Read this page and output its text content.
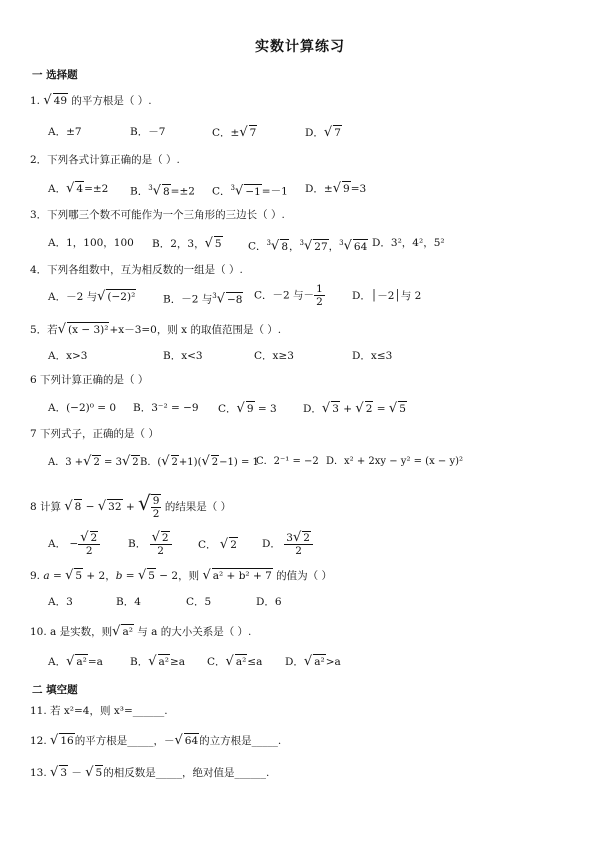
实数计算练习
一 选择题
1. √ 49 的平方根是（ ）.
A．±7	B．－7	C．±√ 7	D．√ 7
2．下列各式计算正确的是（ ）.
A．√ 4=±2 B．$^3$√ 8=±2 C．$^3$√ −1=－1 D．±√ 9=3
3．下列哪三个数不可能作为一个三角形的三边长（ ）.
A．1，100，100 B．2，3，√ 5	C．$^3$√ 8，$^3$√ 27，$^3$√ 64 D．3²，4²，5²
4．下列各组数中，互为相反数的一组是（ ）.
A．－2 与√ (−2)²	B．－2 与$^3$√ −8 C．－2 与－ $\frac{1}{2}$	D．│－2│与 2
5．若√ (x − 3)²+x－3=0，则 x 的取值范围是（ ）.
A．x>3	B．x<3	C．x≥3	D．x≤3
6 下列计算正确的是（ ）
A．(−2)⁰ = 0 B．3⁻² = −9 C．√ 9 = 3	D．√ 3 + √ 2 = √ 5
7 下列式子，正确的是（ ）
A．3 +√ 2 = 3√ 2 B．(√ 2+1)(√ 2−1) = 1
C．2⁻¹ = −2 D．x² + 2xy − y² = (x − y)²
8 计算 √ 8 − √ 32 + √ $\frac{9}{2}$ 的结果是（ ）
A． − $\frac{√ 2}{2}$	B． $\frac{√ 2}{2}$	C． √ 2 D． $\frac{3√ 2}{2}$
9. a = √ 5 + 2，b = √ 5 − 2，则 √ a² + b² + 7 的值为（ ）
A．3	B．4	C．5	D．6
10. a 是实数，则√ a² 与 a 的大小关系是（ ）.
A．√ a²=a	B．√ a²≥a C．√ a²≤a D．√ a²>a
二 填空题
11. 若 x²=4，则 x³=______.
12. √ 16的平方根是_____，－√ 64的立方根是_____.
13. √ 3 － √ 5的相反数是_____，绝对值是______.
